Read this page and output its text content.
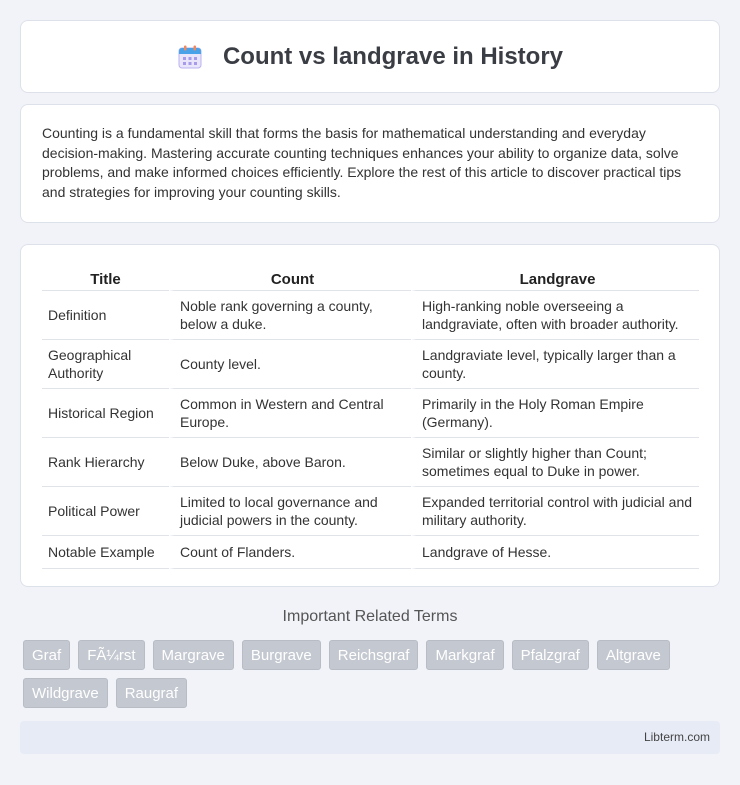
Count vs landgrave in History

Counting is a fundamental skill that forms the basis for mathematical understanding and everyday decision-making. Mastering accurate counting techniques enhances your ability to organize data, solve problems, and make informed choices efficiently. Explore the rest of this article to discover practical tips and strategies for improving your counting skills.

Title	Count	Landgrave
Definition	Noble rank governing a county, below a duke.	High-ranking noble overseeing a landgraviate, often with broader authority.
Geographical Authority	County level.	Landgraviate level, typically larger than a county.
Historical Region	Common in Western and Central Europe.	Primarily in the Holy Roman Empire (Germany).
Rank Hierarchy	Below Duke, above Baron.	Similar or slightly higher than Count; sometimes equal to Duke in power.
Political Power	Limited to local governance and judicial powers in the county.	Expanded territorial control with judicial and military authority.
Notable Example	Count of Flanders.	Landgrave of Hesse.
Important Related Terms
Graf	FÃ¼rst	Margrave	Burgrave	Reichsgraf	Markgraf	Pfalzgraf	Altgrave
Wildgrave	Raugraf
Libterm.com
